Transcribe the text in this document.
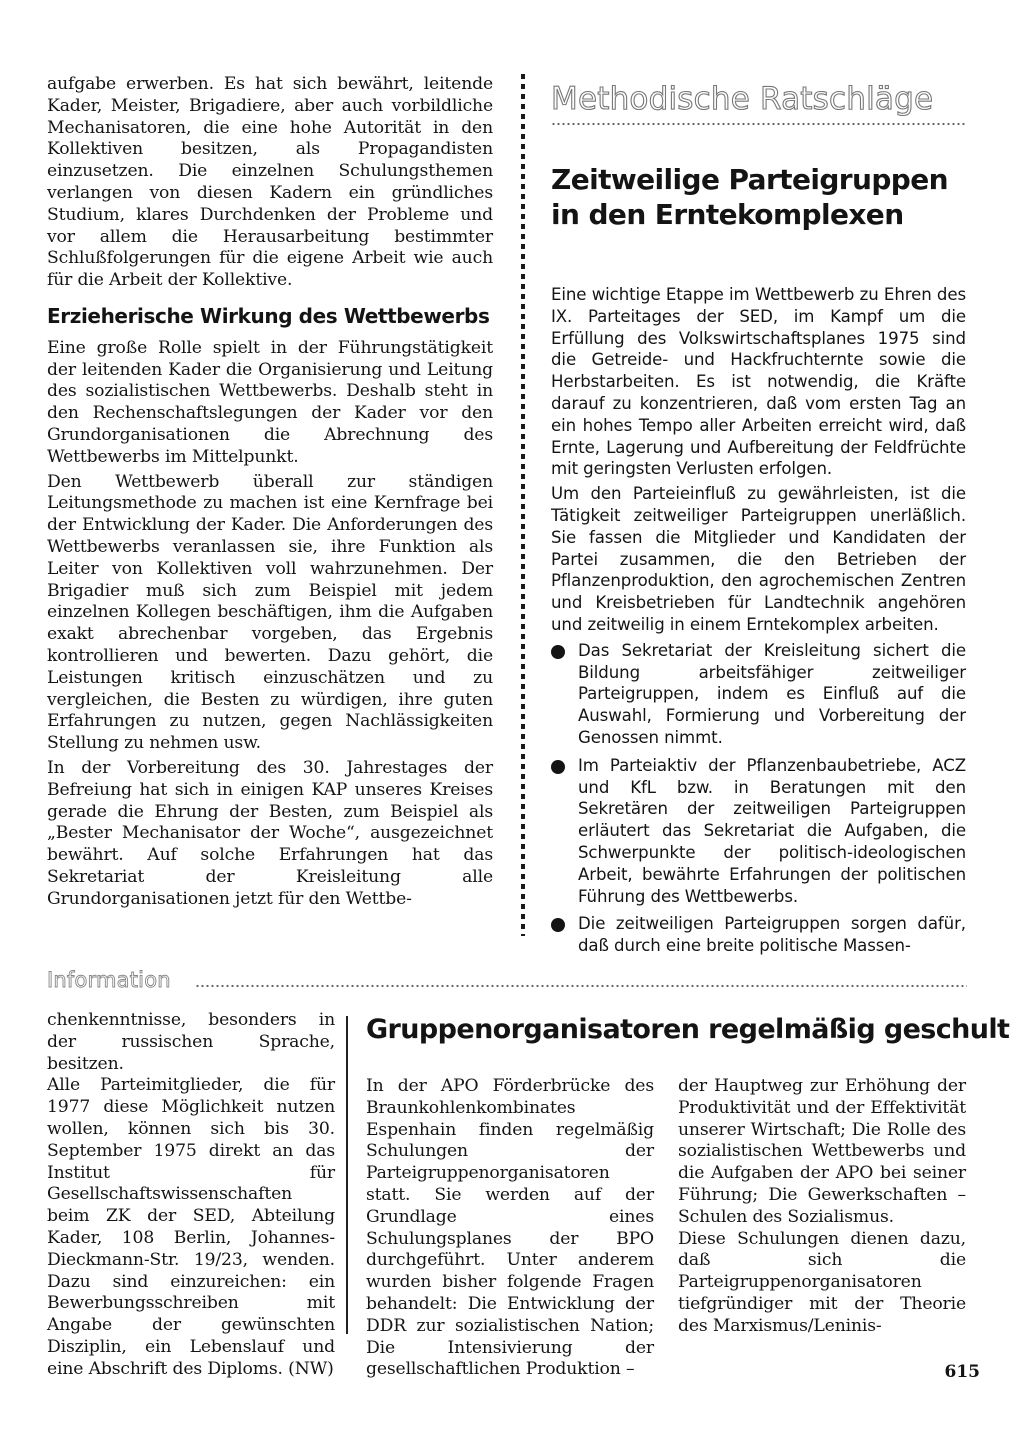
aufgabe erwerben. Es hat sich bewährt, leitende Kader, Meister, Brigadiere, aber auch vorbildliche Mechanisatoren, die eine hohe Autorität in den Kollektiven besitzen, als Propagandisten einzusetzen. Die einzelnen Schulungsthemen verlangen von diesen Kadern ein gründliches Studium, klares Durchdenken der Probleme und vor allem die Herausarbeitung bestimmter Schlußfolgerungen für die eigene Arbeit wie auch für die Arbeit der Kollektive.

Erzieherische Wirkung des Wettbewerbs

Eine große Rolle spielt in der Führungstätigkeit der leitenden Kader die Organisierung und Leitung des sozialistischen Wettbewerbs. Deshalb steht in den Rechenschaftslegungen der Kader vor den Grundorganisationen die Abrechnung des Wettbewerbs im Mittelpunkt.

Den Wettbewerb überall zur ständigen Leitungsmethode zu machen ist eine Kernfrage bei der Entwicklung der Kader. Die Anforderungen des Wettbewerbs veranlassen sie, ihre Funktion als Leiter von Kollektiven voll wahrzunehmen. Der Brigadier muß sich zum Beispiel mit jedem einzelnen Kollegen beschäftigen, ihm die Aufgaben exakt abrechenbar vorgeben, das Ergebnis kontrollieren und bewerten. Dazu gehört, die Leistungen kritisch einzuschätzen und zu vergleichen, die Besten zu würdigen, ihre guten Erfahrungen zu nutzen, gegen Nachlässigkeiten Stellung zu nehmen usw.

In der Vorbereitung des 30. Jahrestages der Befreiung hat sich in einigen KAP unseres Kreises gerade die Ehrung der Besten, zum Beispiel als „Bester Mechanisator der Woche“, ausgezeichnet bewährt. Auf solche Erfahrungen hat das Sekretariat der Kreisleitung alle Grundorganisationen jetzt für den Wettbe-

Methodische Ratschläge
Zeitweilige Parteigruppen
in den Erntekomplexen

Eine wichtige Etappe im Wettbewerb zu Ehren des IX. Parteitages der SED, im Kampf um die Erfüllung des Volkswirtschaftsplanes 1975 sind die Getreide- und Hackfruchternte sowie die Herbstarbeiten. Es ist notwendig, die Kräfte darauf zu konzentrieren, daß vom ersten Tag an ein hohes Tempo aller Arbeiten erreicht wird, daß Ernte, Lagerung und Aufbereitung der Feldfrüchte mit geringsten Verlusten erfolgen.

Um den Parteieinfluß zu gewährleisten, ist die Tätigkeit zeitweiliger Parteigruppen unerläßlich. Sie fassen die Mitglieder und Kandidaten der Partei zusammen, die den Betrieben der Pflanzenproduktion, den agrochemischen Zentren und Kreisbetrieben für Landtechnik angehören und zeitweilig in einem Erntekomplex arbeiten.

Das Sekretariat der Kreisleitung sichert die Bildung arbeitsfähiger zeitweiliger Parteigruppen, indem es Einfluß auf die Auswahl, Formierung und Vorbereitung der Genossen nimmt.

Im Parteiaktiv der Pflanzenbaubetriebe, ACZ und KfL bzw. in Beratungen mit den Sekretären der zeitweiligen Parteigruppen erläutert das Sekretariat die Aufgaben, die Schwerpunkte der politisch-ideologischen Arbeit, bewährte Erfahrungen der politischen Führung des Wettbewerbs.

Die zeitweiligen Parteigruppen sorgen dafür, daß durch eine breite politische Massen-

Information

chenkenntnisse, besonders in der russischen Sprache, besitzen.

Alle Parteimitglieder, die für 1977 diese Möglichkeit nutzen wollen, können sich bis 30. September 1975 direkt an das Institut für Gesellschaftswissenschaften beim ZK der SED, Abteilung Kader, 108 Berlin, Johannes-Dieckmann-Str. 19/23, wenden. Dazu sind einzureichen: ein Bewerbungsschreiben mit Angabe der gewünschten Disziplin, ein Lebenslauf und eine Abschrift des Diploms. (NW)

Gruppenorganisatoren regelmäßig geschult

In der APO Förderbrücke des Braunkohlenkombinates Espenhain finden regelmäßig Schulungen der Parteigruppenorganisatoren statt. Sie werden auf der Grundlage eines Schulungsplanes der BPO durchgeführt. Unter anderem wurden bisher folgende Fragen behandelt: Die Entwicklung der DDR zur sozialistischen Nation; Die Intensivierung der gesellschaftlichen Produktion –

der Hauptweg zur Erhöhung der Produktivität und der Effektivität unserer Wirtschaft; Die Rolle des sozialistischen Wettbewerbs und die Aufgaben der APO bei seiner Führung; Die Gewerkschaften – Schulen des Sozialismus.

Diese Schulungen dienen dazu, daß sich die Parteigruppenorganisatoren tiefgründiger mit der Theorie des Marxismus/Leninis-

615
